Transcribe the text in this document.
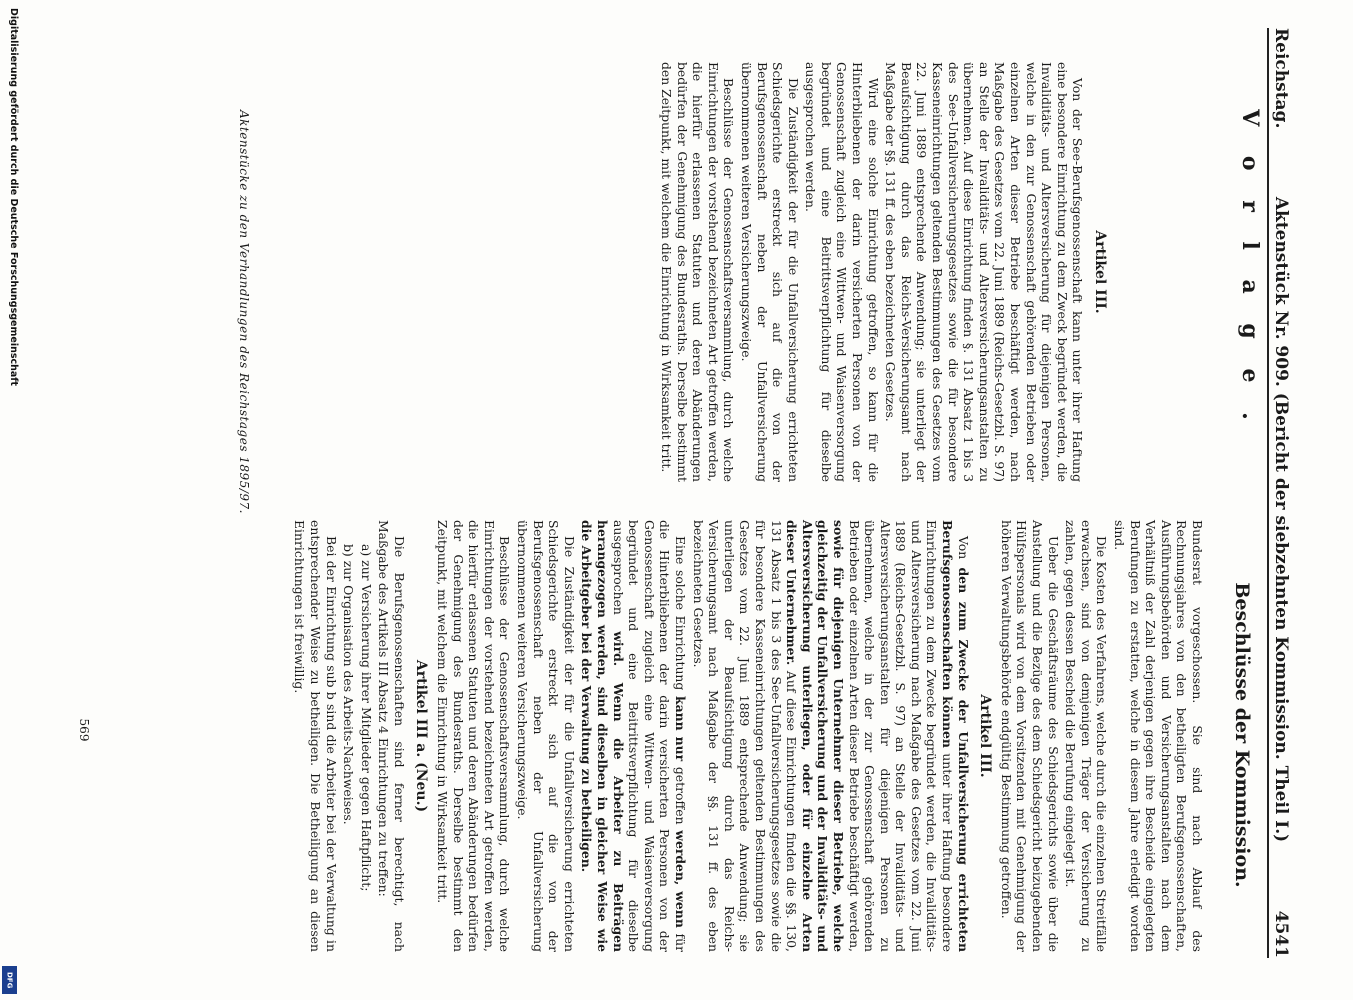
Reichstag.
Aktenstück Nr. 909. (Bericht der siebzehnten Kommission. Theil I.)
4541
V o r l a g e .
Beschlüsse der Kommission.

Artikel III.

Von der See-Berufsgenossenschaft kann unter ihrer Haftung eine besondere Einrichtung zu dem Zweck begründet werden, die Invaliditäts- und Altersversicherung für diejenigen Personen, welche in den zur Genossenschaft gehörenden Betrieben oder einzelnen Arten dieser Betriebe beschäftigt werden, nach Maßgabe des Gesetzes vom 22. Juni 1889 (Reichs-Gesetzbl. S. 97) an Stelle der Invaliditäts- und Altersversicherungsanstalten zu übernehmen. Auf diese Einrichtung finden §. 131 Absatz 1 bis 3 des See-Unfallversicherungsgesetzes sowie die für besondere Kasseneinrichtungen geltenden Bestimmungen des Gesetzes vom 22. Juni 1889 entsprechende Anwendung; sie unterliegt der Beaufsichtigung durch das Reichs-Versicherungsamt nach Maßgabe der §§. 131 ff. des eben bezeichneten Gesetzes.

Wird eine solche Einrichtung getroffen, so kann für die Hinterbliebenen der darin versicherten Personen von der Genossenschaft zugleich eine Wittwen- und Waisenversorgung begründet und eine Beitrittsverpflichtung für dieselbe ausgesprochen werden.

Die Zuständigkeit der für die Unfallversicherung errichteten Schiedsgerichte erstreckt sich auf die von der Berufsgenossenschaft neben der Unfallversicherung übernommenen weiteren Versicherungszweige.

Beschlüsse der Genossenschaftsversammlung, durch welche Einrichtungen der vorstehend bezeichneten Art getroffen werden, die hierfür erlassenen Statuten und deren Abänderungen bedürfen der Genehmigung des Bundesraths. Derselbe bestimmt den Zeitpunkt, mit welchem die Einrichtung in Wirksamkeit tritt.

Aktenstücke zu den Verhandlungen des Reichstages 1895/97.

Bundesrat vorgeschossen. Sie sind nach Ablauf des Rechnungsjahres von den betheiligten Berufsgenossenschaften, Ausführungsbehörden und Versicherungsanstalten nach dem Verhältniß der Zahl derjenigen gegen ihre Bescheide eingelegten Berufungen zu erstatten, welche in diesem Jahre erledigt worden sind.

Die Kosten des Verfahrens, welche durch die einzelnen Streitfälle erwachsen, sind von demjenigen Träger der Versicherung zu zahlen, gegen dessen Bescheid die Berufung eingelegt ist.

Ueber die Geschäftsräume des Schiedsgerichts sowie über die Anstellung und die Bezüge des dem Schiedsgericht beizugebenden Hülfspersonals wird von dem Vorsitzenden mit Genehmigung der höheren Verwaltungsbehörde endgültig Bestimmung getroffen.

Artikel III.

Von den zum Zwecke der Unfallversicherung errichteten Berufsgenossenschaften können unter ihrer Haftung besondere Einrichtungen zu dem Zwecke begründet werden, die Invaliditäts- und Altersversicherung nach Maßgabe des Gesetzes vom 22. Juni 1889 (Reichs-Gesetzbl. S. 97) an Stelle der Invaliditäts- und Altersversicherungsanstalten für diejenigen Personen zu übernehmen, welche in der zur Genossenschaft gehörenden Betrieben oder einzelnen Arten dieser Betriebe beschäftigt werden, sowie für diejenigen Unternehmer dieser Betriebe, welche gleichzeitig der Unfallversicherung und der Invaliditäts- und Altersversicherung unterliegen, oder für einzelne Arten dieser Unternehmer. Auf diese Einrichtungen finden die §§. 130, 131 Absatz 1 bis 3 des See-Unfallversicherungsgesetzes sowie die für besondere Kasseneinrichtungen geltenden Bestimmungen des Gesetzes vom 22. Juni 1889 entsprechende Anwendung; sie unterliegen der Beaufsichtigung durch das Reichs-Versicherungsamt nach Maßgabe der §§. 131 ff. des eben bezeichneten Gesetzes.

Eine solche Einrichtung kann nur getroffen werden, wenn für die Hinterbliebenen der darin versicherten Personen von der Genossenschaft zugleich eine Wittwen- und Waisenversorgung begründet und eine Beitrittsverpflichtung für dieselbe ausgesprochen wird. Wenn die Arbeiter zu Beiträgen herangezogen werden, sind dieselben in gleicher Weise wie die Arbeitgeber bei der Verwaltung zu betheiligen.

Die Zuständigkeit der für die Unfallversicherung errichteten Schiedsgerichte erstreckt sich auf die von der Berufsgenossenschaft neben der Unfallversicherung übernommenen weiteren Versicherungszweige.

Beschlüsse der Genossenschaftsversammlung, durch welche Einrichtungen der vorstehend bezeichneten Art getroffen werden, die hierfür erlassenen Statuten und deren Abänderungen bedürfen der Genehmigung des Bundesraths. Derselbe bestimmt den Zeitpunkt, mit welchem die Einrichtung in Wirksamkeit tritt.

Artikel III a. (Neu.)

Die Berufsgenossenschaften sind ferner berechtigt, nach Maßgabe des Artikels III Absatz 4 Einrichtungen zu treffen:

a) zur Versicherung ihrer Mitglieder gegen Haftpflicht;

b) zur Organisation des Arbeits-Nachweises.

Bei der Einrichtung sub b sind die Arbeiter bei der Verwaltung in entsprechender Weise zu betheiligen. Die Betheiligung an diesen Einrichtungen ist freiwillig.

569
Digitalisierung gefördert durch die Deutsche Forschungsgemeinschaft
DFG
